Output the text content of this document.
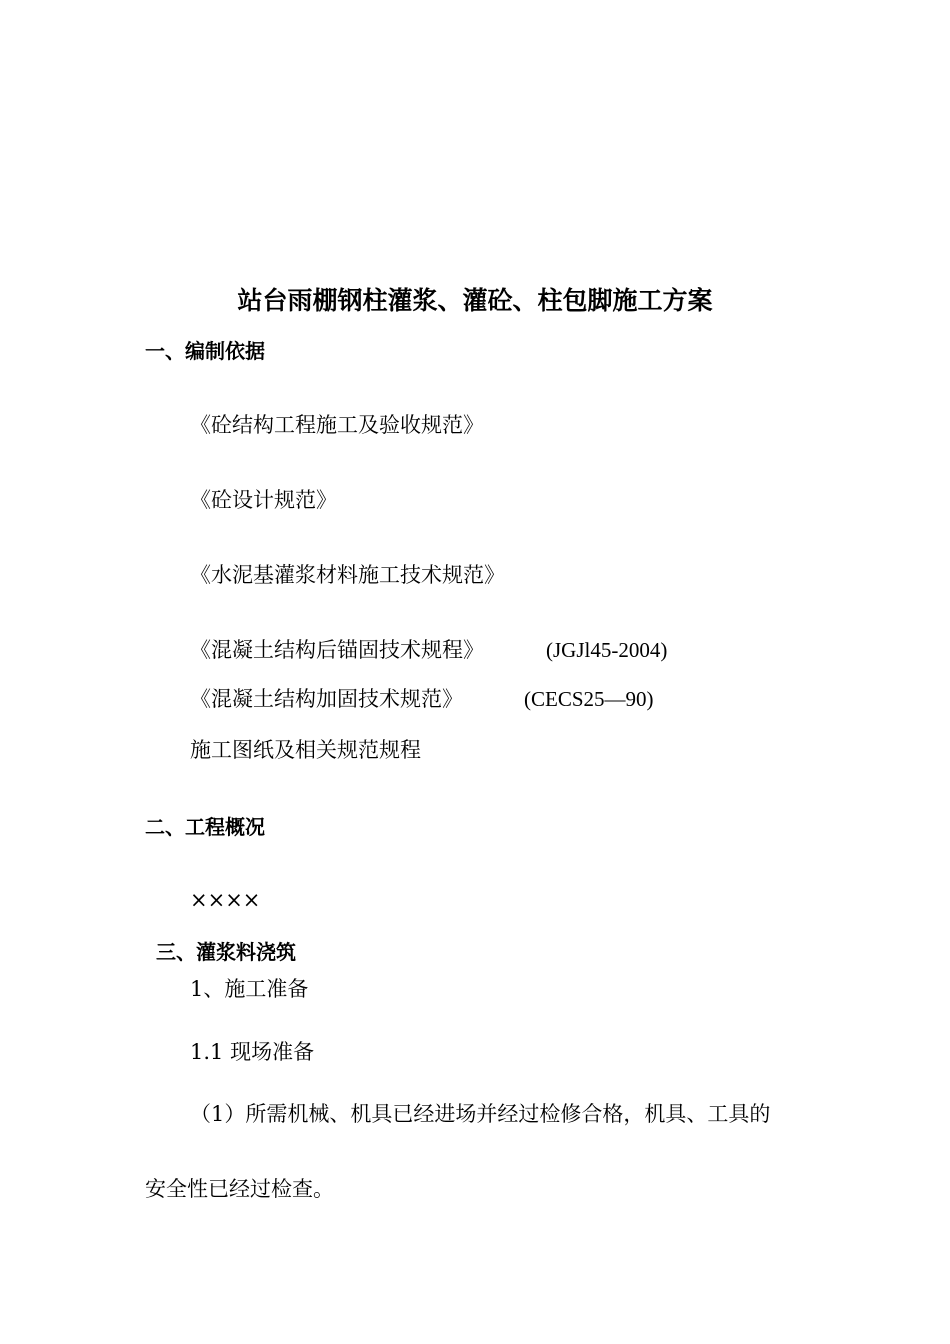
站台雨棚钢柱灌浆、灌砼、柱包脚施工方案
一、编制依据
《砼结构工程施工及验收规范》
《砼设计规范》
《水泥基灌浆材料施工技术规范》
《混凝土结构后锚固技术规程》	(JGJl45-2004)
《混凝土结构加固技术规范》	(CECS25—90)
施工图纸及相关规范规程
二、工程概况
××××
三、灌浆料浇筑
1、施工准备
1.1 现场准备
（1）所需机械、机具已经进场并经过检修合格，机具、工具的
安全性已经过检查。
